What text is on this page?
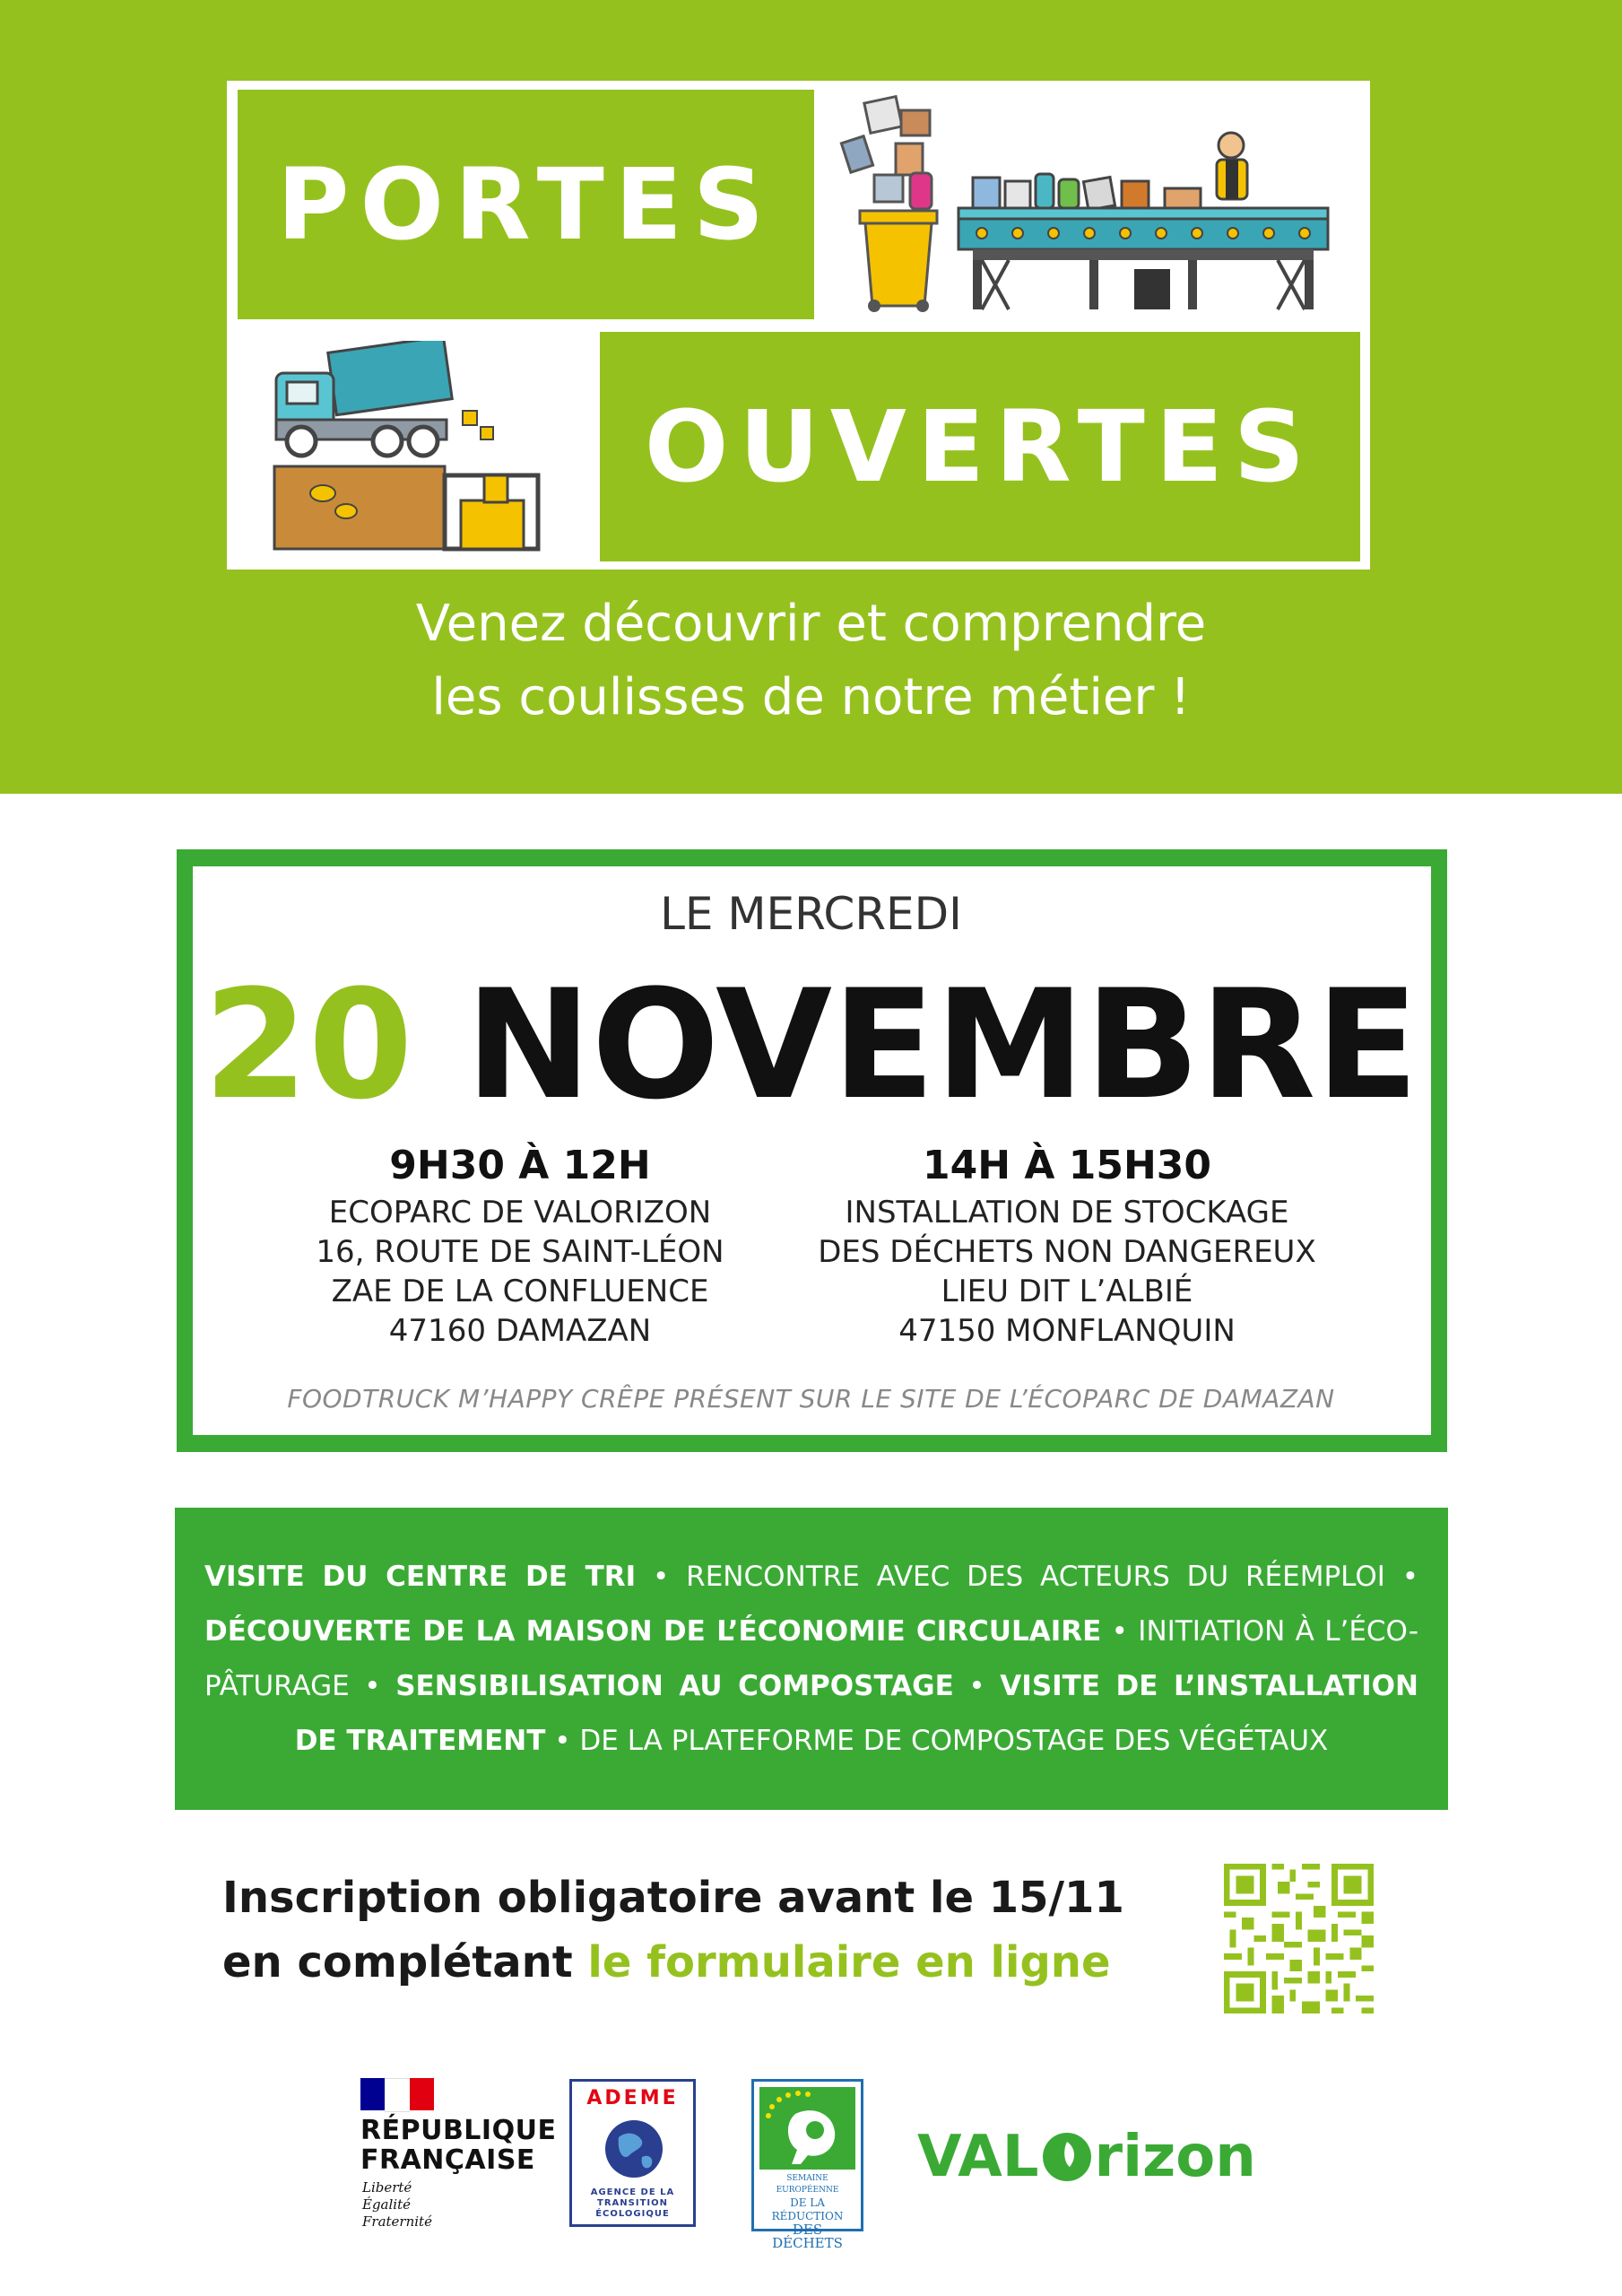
PORTES
OUVERTES
Venez découvrir et comprendre
les coulisses de notre métier !
LE MERCREDI
20 NOVEMBRE
9H30 À 12H
ECOPARC DE VALORIZON
16, ROUTE DE SAINT-LÉON
ZAE DE LA CONFLUENCE
47160 DAMAZAN
14H À 15H30
INSTALLATION DE STOCKAGE
DES DÉCHETS NON DANGEREUX
LIEU DIT L’ALBIÉ
47150 MONFLANQUIN
FOODTRUCK M’HAPPY CRÊPE PRÉSENT SUR LE SITE DE L’ÉCOPARC DE DAMAZAN
VISITE DU CENTRE DE TRI • RENCONTRE AVEC DES ACTEURS DU RÉEMPLOI • DÉCOUVERTE DE LA MAISON DE L’ÉCONOMIE CIRCULAIRE • INITIATION À L’ÉCO-PÂTURAGE • SENSIBILISATION AU COMPOSTAGE • VISITE DE L’INSTALLATION DE TRAITEMENT • DE LA PLATEFORME DE COMPOSTAGE DES VÉGÉTAUX
Inscription obligatoire avant le 15/11
en complétant le formulaire en ligne
RÉPUBLIQUE
FRANÇAISE
Liberté
Égalité
Fraternité
ADEME
AGENCE DE LA
TRANSITION
ÉCOLOGIQUE
SEMAINE EUROPÉENNE
DE LA RÉDUCTION
DES DÉCHETS
VAL rizon
